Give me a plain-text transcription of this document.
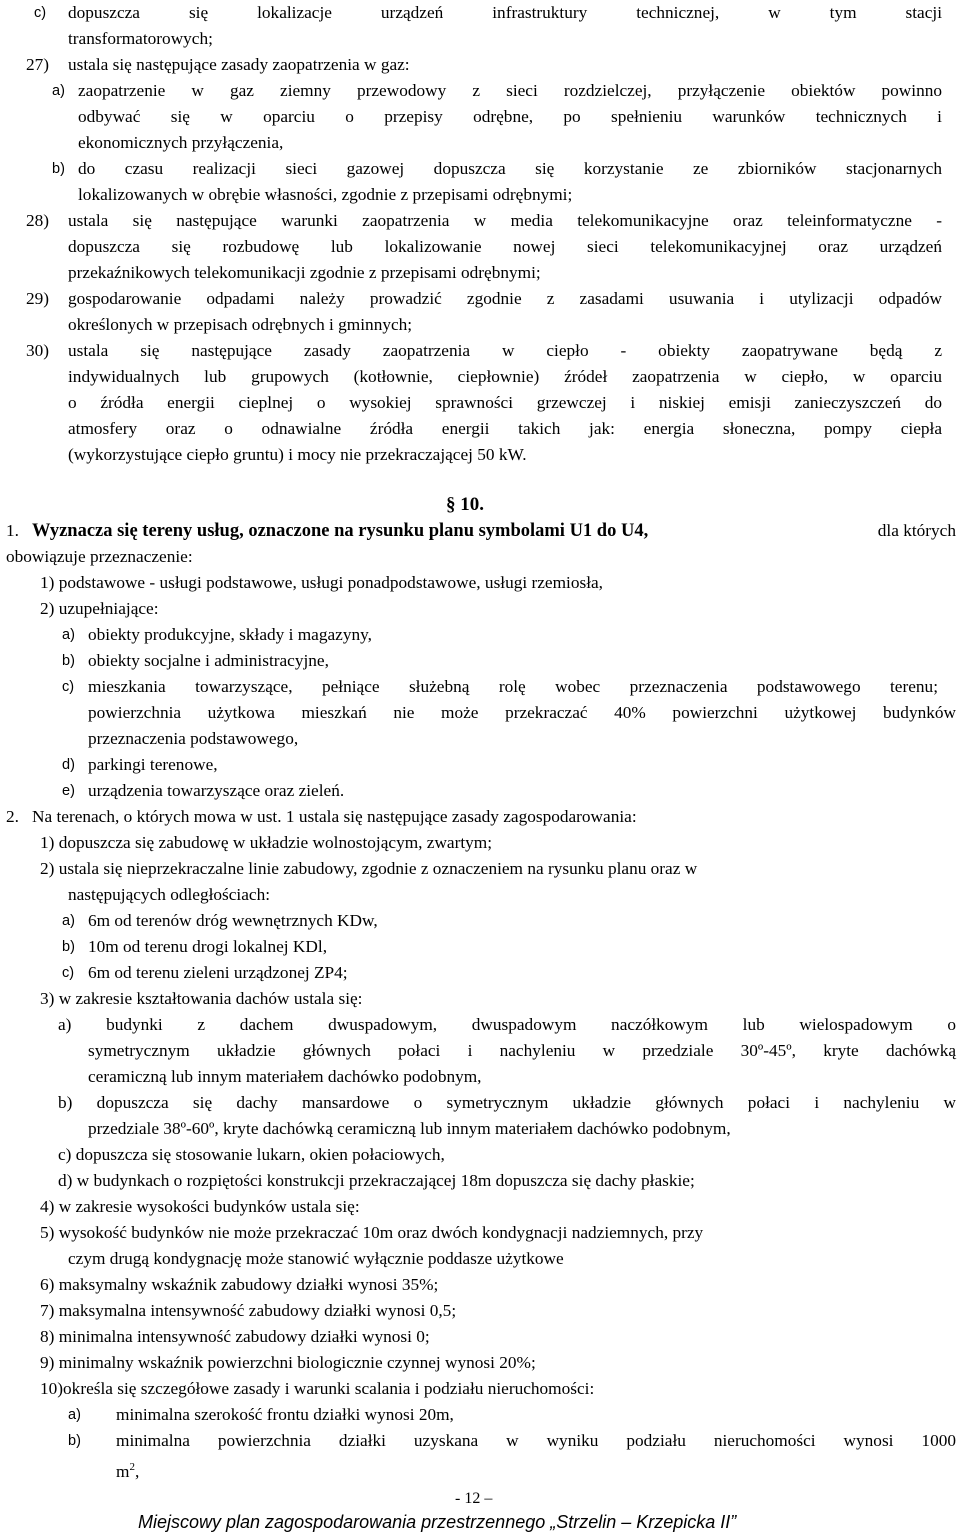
c) dopuszcza się lokalizacje urządzeń infrastruktury technicznej, w tym stacji
transformatorowych;
27) ustala się następujące zasady zaopatrzenia w gaz:
a) zaopatrzenie w gaz ziemny przewodowy z sieci rozdzielczej, przyłączenie obiektów powinno
odbywać się w oparciu o przepisy odrębne, po spełnieniu warunków technicznych i
ekonomicznych przyłączenia,
b) do czasu realizacji sieci gazowej dopuszcza się korzystanie ze zbiorników stacjonarnych
lokalizowanych w obrębie własności, zgodnie z przepisami odrębnymi;
28) ustala się następujące warunki zaopatrzenia w media telekomunikacyjne oraz teleinformatyczne -
dopuszcza się rozbudowę lub lokalizowanie nowej sieci telekomunikacyjnej oraz urządzeń
przekaźnikowych telekomunikacji zgodnie z przepisami odrębnymi;
29) gospodarowanie odpadami należy prowadzić zgodnie z zasadami usuwania i utylizacji odpadów
określonych w przepisach odrębnych i gminnych;
30) ustala się następujące zasady zaopatrzenia w ciepło - obiekty zaopatrywane będą z
indywidualnych lub grupowych (kotłownie, ciepłownie) źródeł zaopatrzenia w ciepło, w oparciu
o źródła energii cieplnej o wysokiej sprawności grzewczej i niskiej emisji zanieczyszczeń do
atmosfery oraz o odnawialne źródła energii takich jak: energia słoneczna, pompy ciepła
(wykorzystujące ciepło gruntu) i mocy nie przekraczającej 50 kW.
§ 10.
1. Wyznacza się tereny usług, oznaczone na rysunku planu symbolami U1 do U4,	dla których
obowiązuje przeznaczenie:
1) podstawowe - usługi podstawowe, usługi ponadpodstawowe, usługi rzemiosła,
2) uzupełniające:
a) obiekty produkcyjne, składy i magazyny,
b) obiekty socjalne i administracyjne,
c) mieszkania towarzyszące, pełniące służebną rolę wobec przeznaczenia podstawowego terenu;
powierzchnia użytkowa mieszkań nie może przekraczać 40% powierzchni użytkowej budynków
przeznaczenia podstawowego,
d) parkingi terenowe,
e) urządzenia towarzyszące oraz zieleń.
2. Na terenach, o których mowa w ust. 1 ustala się następujące zasady zagospodarowania:
1) dopuszcza się zabudowę w układzie wolnostojącym, zwartym;
2) ustala się nieprzekraczalne linie zabudowy, zgodnie z oznaczeniem na rysunku planu oraz w
następujących odległościach:
a) 6m od terenów dróg wewnętrznych KDw,
b) 10m od terenu drogi lokalnej KDl,
c) 6m od terenu zieleni urządzonej ZP4;
3) w zakresie kształtowania dachów ustala się:
a) budynki z dachem dwuspadowym, dwuspadowym naczółkowym lub wielospadowym o
symetrycznym układzie głównych połaci i nachyleniu w przedziale 30º-45º, kryte dachówką
ceramiczną lub innym materiałem dachówko podobnym,
b) dopuszcza się dachy mansardowe o symetrycznym układzie głównych połaci i nachyleniu w
przedziale 38º-60º, kryte dachówką ceramiczną lub innym materiałem dachówko podobnym,
c) dopuszcza się stosowanie lukarn, okien połaciowych,
d) w budynkach o rozpiętości konstrukcji przekraczającej 18m dopuszcza się dachy płaskie;
4) w zakresie wysokości budynków ustala się:
5) wysokość budynków nie może przekraczać 10m oraz dwóch kondygnacji nadziemnych, przy
czym drugą kondygnację może stanowić wyłącznie poddasze użytkowe
6) maksymalny wskaźnik zabudowy działki wynosi 35%;
7) maksymalna intensywność zabudowy działki wynosi 0,5;
8) minimalna intensywność zabudowy działki wynosi 0;
9) minimalny wskaźnik powierzchni biologicznie czynnej wynosi 20%;
10)określa się szczegółowe zasady i warunki scalania i podziału nieruchomości:
a) minimalna szerokość frontu działki wynosi 20m,
b) minimalna powierzchnia działki uzyskana w wyniku podziału nieruchomości wynosi 1000
$m^2$,
- 12 –
Miejscowy plan zagospodarowania przestrzennego „Strzelin – Krzepicka II”
